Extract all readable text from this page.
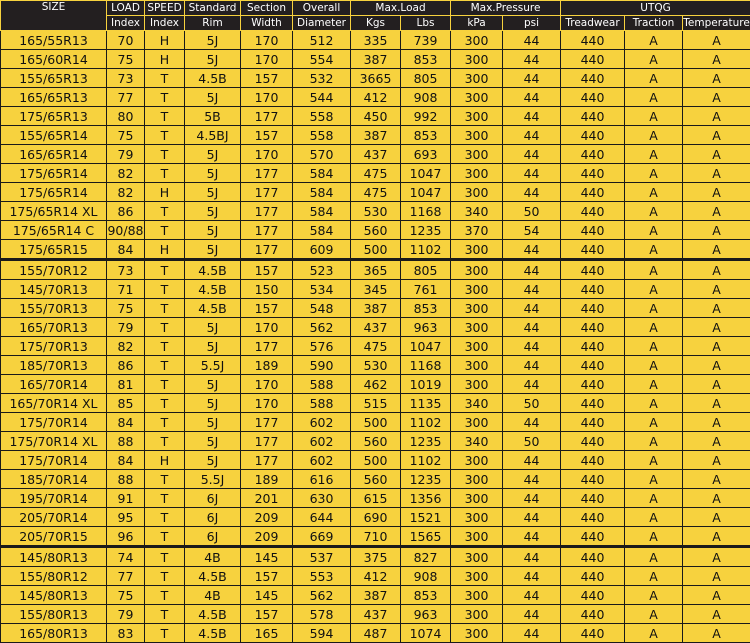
SIZE	LOAD	SPEED	Standard	Section	Overall	Max.Load		Max.Pressure		UTQG		
	Index	Index	Rim	Width	Diameter	Kgs	Lbs	kPa	psi	Treadwear	Traction	Temperature
165/55R13	70	H	5J	170	512	335	739	300	44	440	A	A
165/60R14	75	H	5J	170	554	387	853	300	44	440	A	A
155/65R13	73	T	4.5B	157	532	3665	805	300	44	440	A	A
165/65R13	77	T	5J	170	544	412	908	300	44	440	A	A
175/65R13	80	T	5B	177	558	450	992	300	44	440	A	A
155/65R14	75	T	4.5BJ	157	558	387	853	300	44	440	A	A
165/65R14	79	T	5J	170	570	437	693	300	44	440	A	A
175/65R14	82	T	5J	177	584	475	1047	300	44	440	A	A
175/65R14	82	H	5J	177	584	475	1047	300	44	440	A	A
175/65R14 XL	86	T	5J	177	584	530	1168	340	50	440	A	A
175/65R14 C	90/88	T	5J	177	584	560	1235	370	54	440	A	A
175/65R15	84	H	5J	177	609	500	1102	300	44	440	A	A
155/70R12	73	T	4.5B	157	523	365	805	300	44	440	A	A
145/70R13	71	T	4.5B	150	534	345	761	300	44	440	A	A
155/70R13	75	T	4.5B	157	548	387	853	300	44	440	A	A
165/70R13	79	T	5J	170	562	437	963	300	44	440	A	A
175/70R13	82	T	5J	177	576	475	1047	300	44	440	A	A
185/70R13	86	T	5.5J	189	590	530	1168	300	44	440	A	A
165/70R14	81	T	5J	170	588	462	1019	300	44	440	A	A
165/70R14 XL	85	T	5J	170	588	515	1135	340	50	440	A	A
175/70R14	84	T	5J	177	602	500	1102	300	44	440	A	A
175/70R14 XL	88	T	5J	177	602	560	1235	340	50	440	A	A
175/70R14	84	H	5J	177	602	500	1102	300	44	440	A	A
185/70R14	88	T	5.5J	189	616	560	1235	300	44	440	A	A
195/70R14	91	T	6J	201	630	615	1356	300	44	440	A	A
205/70R14	95	T	6J	209	644	690	1521	300	44	440	A	A
205/70R15	96	T	6J	209	669	710	1565	300	44	440	A	A
145/80R13	74	T	4B	145	537	375	827	300	44	440	A	A
155/80R12	77	T	4.5B	157	553	412	908	300	44	440	A	A
145/80R13	75	T	4B	145	562	387	853	300	44	440	A	A
155/80R13	79	T	4.5B	157	578	437	963	300	44	440	A	A
165/80R13	83	T	4.5B	165	594	487	1074	300	44	440	A	A
